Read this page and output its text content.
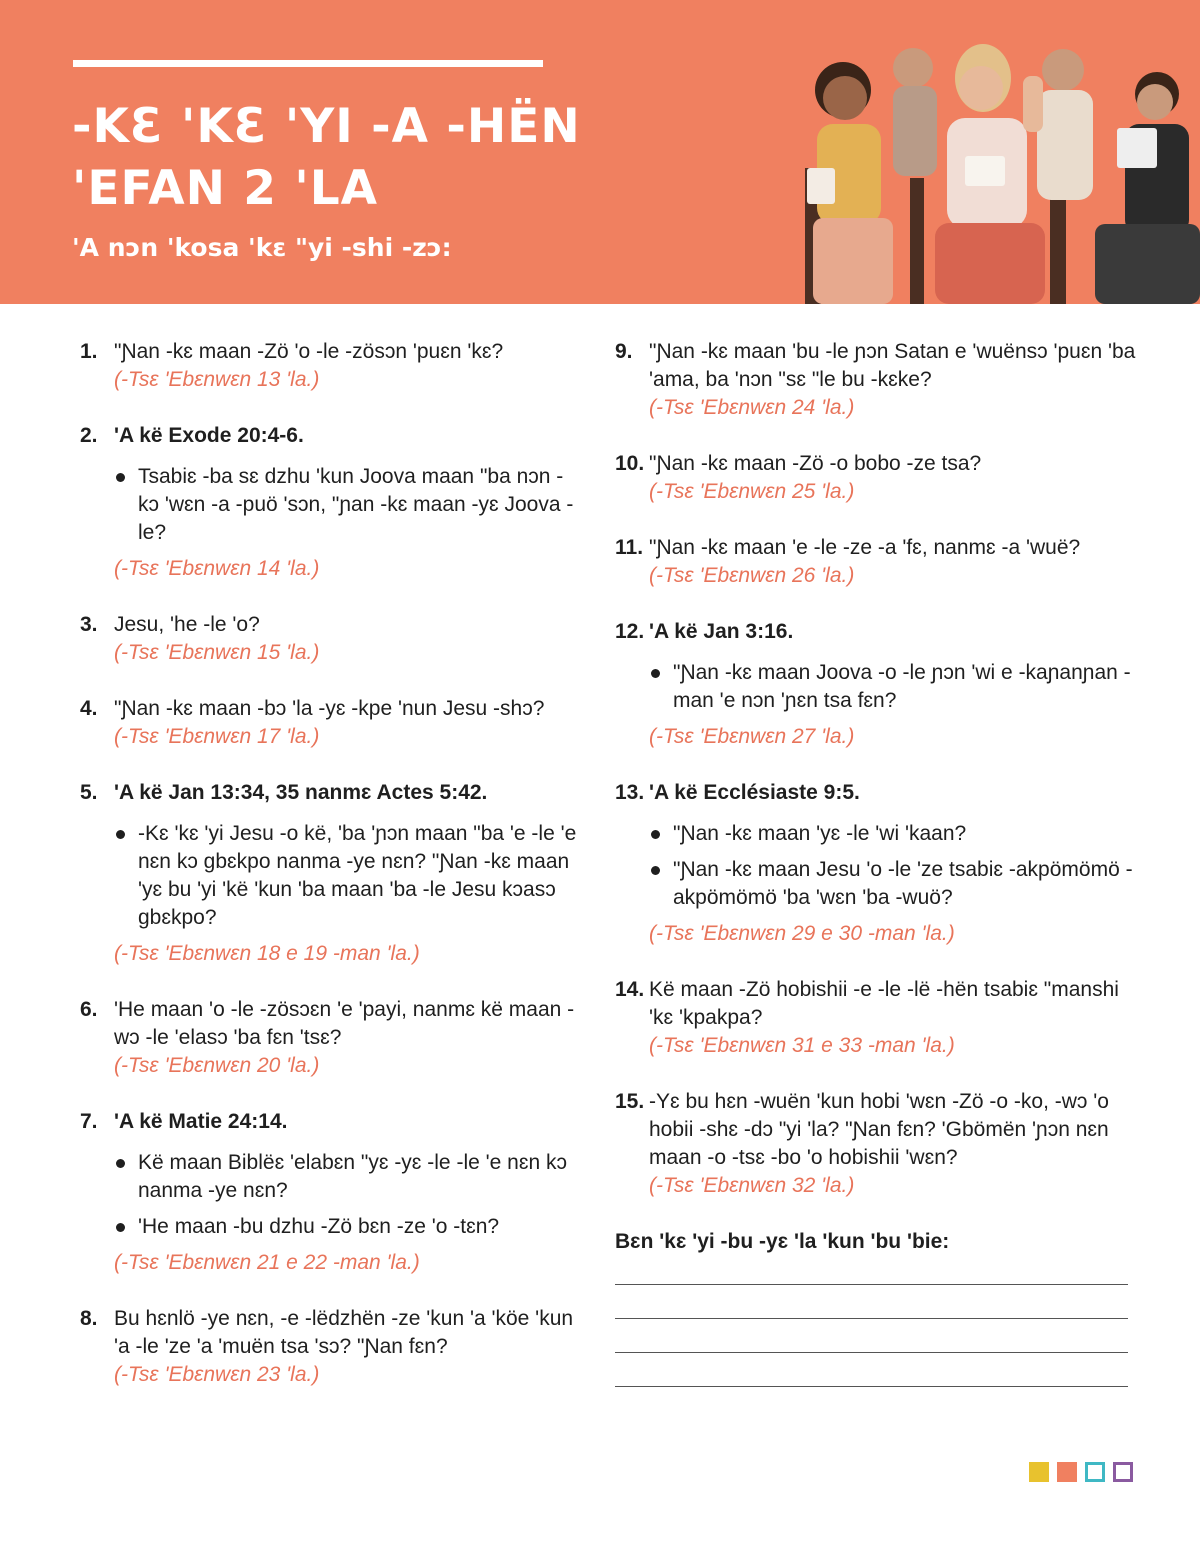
-KƐ 'KƐ 'YI -A -HËN
'EFAN 2 'LA
'A nɔn 'kosa 'kɛ "yi -shi -zɔ:
1. "Ɲan -kɛ maan -Zö 'o -le -zösɔn 'puɛn 'kɛ?
(-Tsɛ 'Ebɛnwɛn 13 'la.)
2. 'A kë Exode 20:4-6.
Tsabiɛ -ba sɛ dzhu 'kun Joova maan "ba nɔn -kɔ 'wɛn -a -puö 'sɔn, "ɲan -kɛ maan -yɛ Joova -le?
(-Tsɛ 'Ebɛnwɛn 14 'la.)
3. Jesu, 'he -le 'o?
(-Tsɛ 'Ebɛnwɛn 15 'la.)
4. "Ɲan -kɛ maan -bɔ 'la -yɛ -kpe 'nun Jesu -shɔ?
(-Tsɛ 'Ebɛnwɛn 17 'la.)
5. 'A kë Jan 13:34, 35 nanmɛ Actes 5:42.
-Kɛ 'kɛ 'yi Jesu -o kë, 'ba 'ɲɔn maan "ba 'e -le 'e nɛn kɔ gbɛkpo nanma -ye nɛn? "Ɲan -kɛ maan 'yɛ bu 'yi 'kë 'kun 'ba maan 'ba -le Jesu kɔasɔ gbɛkpo?
(-Tsɛ 'Ebɛnwɛn 18 e 19 -man 'la.)
6. 'He maan 'o -le -zösɔɛn 'e 'payi, nanmɛ kë maan -wɔ -le 'elasɔ 'ba fɛn 'tsɛ?
(-Tsɛ 'Ebɛnwɛn 20 'la.)
7. 'A kë Matie 24:14.
Kë maan Biblëɛ 'elabɛn "yɛ -yɛ -le -le 'e nɛn kɔ nanma -ye nɛn?
'He maan -bu dzhu -Zö bɛn -ze 'o -tɛn?
(-Tsɛ 'Ebɛnwɛn 21 e 22 -man 'la.)
8. Bu hɛnlö -ye nɛn, -e -lëdzhën -ze 'kun 'a 'köe 'kun 'a -le 'ze 'a 'muën tsa 'sɔ? "Ɲan fɛn?
(-Tsɛ 'Ebɛnwɛn 23 'la.)
9. "Ɲan -kɛ maan 'bu -le ɲɔn Satan e 'wuënsɔ 'puɛn 'ba 'ama, ba 'nɔn "sɛ "le bu -kɛke?
(-Tsɛ 'Ebɛnwɛn 24 'la.)
10. "Ɲan -kɛ maan -Zö -o bobo -ze tsa?
(-Tsɛ 'Ebɛnwɛn 25 'la.)
11. "Ɲan -kɛ maan 'e -le -ze -a 'fɛ, nanmɛ -a 'wuë?
(-Tsɛ 'Ebɛnwɛn 26 'la.)
12. 'A kë Jan 3:16.
"Ɲan -kɛ maan Joova -o -le ɲɔn 'wi e -kaɲanɲan -man 'e nɔn 'ɲɛn tsa fɛn?
(-Tsɛ 'Ebɛnwɛn 27 'la.)
13. 'A kë Ecclésiaste 9:5.
"Ɲan -kɛ maan 'yɛ -le 'wi 'kaan?
"Ɲan -kɛ maan Jesu 'o -le 'ze tsabiɛ -akpömömö -akpömömö 'ba 'wɛn 'ba -wuö?
(-Tsɛ 'Ebɛnwɛn 29 e 30 -man 'la.)
14. Kë maan -Zö hobishii -e -le -lë -hën tsabiɛ "manshi 'kɛ 'kpakpa?
(-Tsɛ 'Ebɛnwɛn 31 e 33 -man 'la.)
15. -Yɛ bu hɛn -wuën 'kun hobi 'wɛn -Zö -o -ko, -wɔ 'o hobii -shɛ -dɔ "yi 'la? "Ɲan fɛn? 'Gbömën 'ɲɔn nɛn maan -o -tsɛ -bo 'o hobishii 'wɛn?
(-Tsɛ 'Ebɛnwɛn 32 'la.)
Bɛn 'kɛ 'yi -bu -yɛ 'la 'kun 'bu 'bie:
